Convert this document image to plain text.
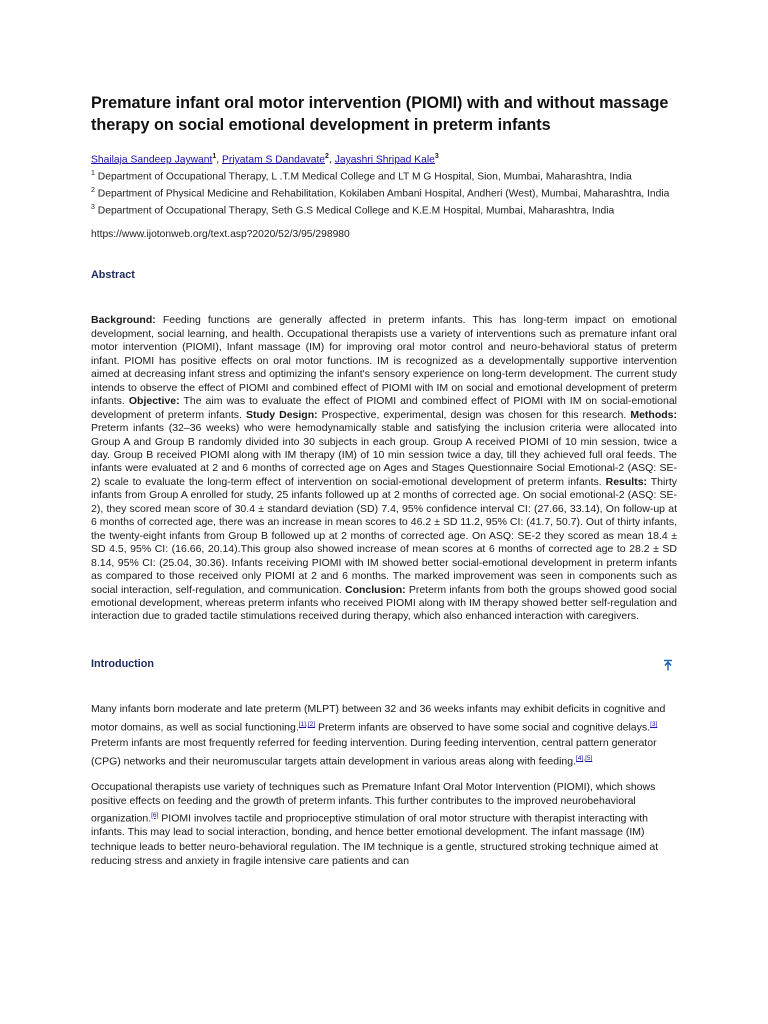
Premature infant oral motor intervention (PIOMI) with and without massage therapy on social emotional development in preterm infants
Shailaja Sandeep Jaywant$^1$, Priyatam S Dandavate$^2$, Jayashri Shripad Kale$^3$
$^1$ Department of Occupational Therapy, L .T.M Medical College and LT M G Hospital, Sion, Mumbai, Maharashtra, India
$^2$ Department of Physical Medicine and Rehabilitation, Kokilaben Ambani Hospital, Andheri (West), Mumbai, Maharashtra, India
$^3$ Department of Occupational Therapy, Seth G.S Medical College and K.E.M Hospital, Mumbai, Maharashtra, India
https://www.ijotonweb.org/text.asp?2020/52/3/95/298980
Abstract
Background: Feeding functions are generally affected in preterm infants. This has long-term impact on emotional development, social learning, and health. Occupational therapists use a variety of interventions such as premature infant oral motor intervention (PIOMI), Infant massage (IM) for improving oral motor control and neuro-behavioral status of preterm infant. PIOMI has positive effects on oral motor functions. IM is recognized as a developmentally supportive intervention aimed at decreasing infant stress and optimizing the infant's sensory experience on long-term development. The current study intends to observe the effect of PIOMI and combined effect of PIOMI with IM on social and emotional development of preterm infants. Objective: The aim was to evaluate the effect of PIOMI and combined effect of PIOMI with IM on social-emotional development of preterm infants. Study Design: Prospective, experimental, design was chosen for this research. Methods: Preterm infants (32–36 weeks) who were hemodynamically stable and satisfying the inclusion criteria were allocated into Group A and Group B randomly divided into 30 subjects in each group. Group A received PIOMI of 10 min session, twice a day. Group B received PIOMI along with IM therapy (IM) of 10 min session twice a day, till they achieved full oral feeds. The infants were evaluated at 2 and 6 months of corrected age on Ages and Stages Questionnaire Social Emotional-2 (ASQ: SE-2) scale to evaluate the long-term effect of intervention on social-emotional development of preterm infants. Results: Thirty infants from Group A enrolled for study, 25 infants followed up at 2 months of corrected age. On social emotional-2 (ASQ: SE-2), they scored mean score of 30.4 ± standard deviation (SD) 7.4, 95% confidence interval CI: (27.66, 33.14), On follow-up at 6 months of corrected age, there was an increase in mean scores to 46.2 ± SD 11.2, 95% CI: (41.7, 50.7). Out of thirty infants, the twenty-eight infants from Group B followed up at 2 months of corrected age. On ASQ: SE-2 they scored as mean 18.4 ± SD 4.5, 95% CI: (16.66, 20.14).This group also showed increase of mean scores at 6 months of corrected age to 28.2 ± SD 8.14, 95% CI: (25.04, 30.36). Infants receiving PIOMI with IM showed better social-emotional development in preterm infants as compared to those received only PIOMI at 2 and 6 months. The marked improvement was seen in components such as social interaction, self-regulation, and communication. Conclusion: Preterm infants from both the groups showed good social emotional development, whereas preterm infants who received PIOMI along with IM therapy showed better self-regulation and interaction due to graded tactile stimulations received during therapy, which also enhanced interaction with caregivers.
Introduction

Many infants born moderate and late preterm (MLPT) between 32 and 36 weeks infants may exhibit deficits in cognitive and motor domains, as well as social functioning.[1],[2] Preterm infants are observed to have some social and cognitive delays.[3] Preterm infants are most frequently referred for feeding intervention. During feeding intervention, central pattern generator (CPG) networks and their neuromuscular targets attain development in various areas along with feeding.[4],[5]

Occupational therapists use variety of techniques such as Premature Infant Oral Motor Intervention (PIOMI), which shows positive effects on feeding and the growth of preterm infants. This further contributes to the improved neurobehavioral organization.[6] PIOMI involves tactile and proprioceptive stimulation of oral motor structure with therapist interacting with infants. This may lead to social interaction, bonding, and hence better emotional development. The infant massage (IM) technique leads to better neuro-behavioral regulation. The IM technique is a gentle, structured stroking technique aimed at reducing stress and anxiety in fragile intensive care patients and can
